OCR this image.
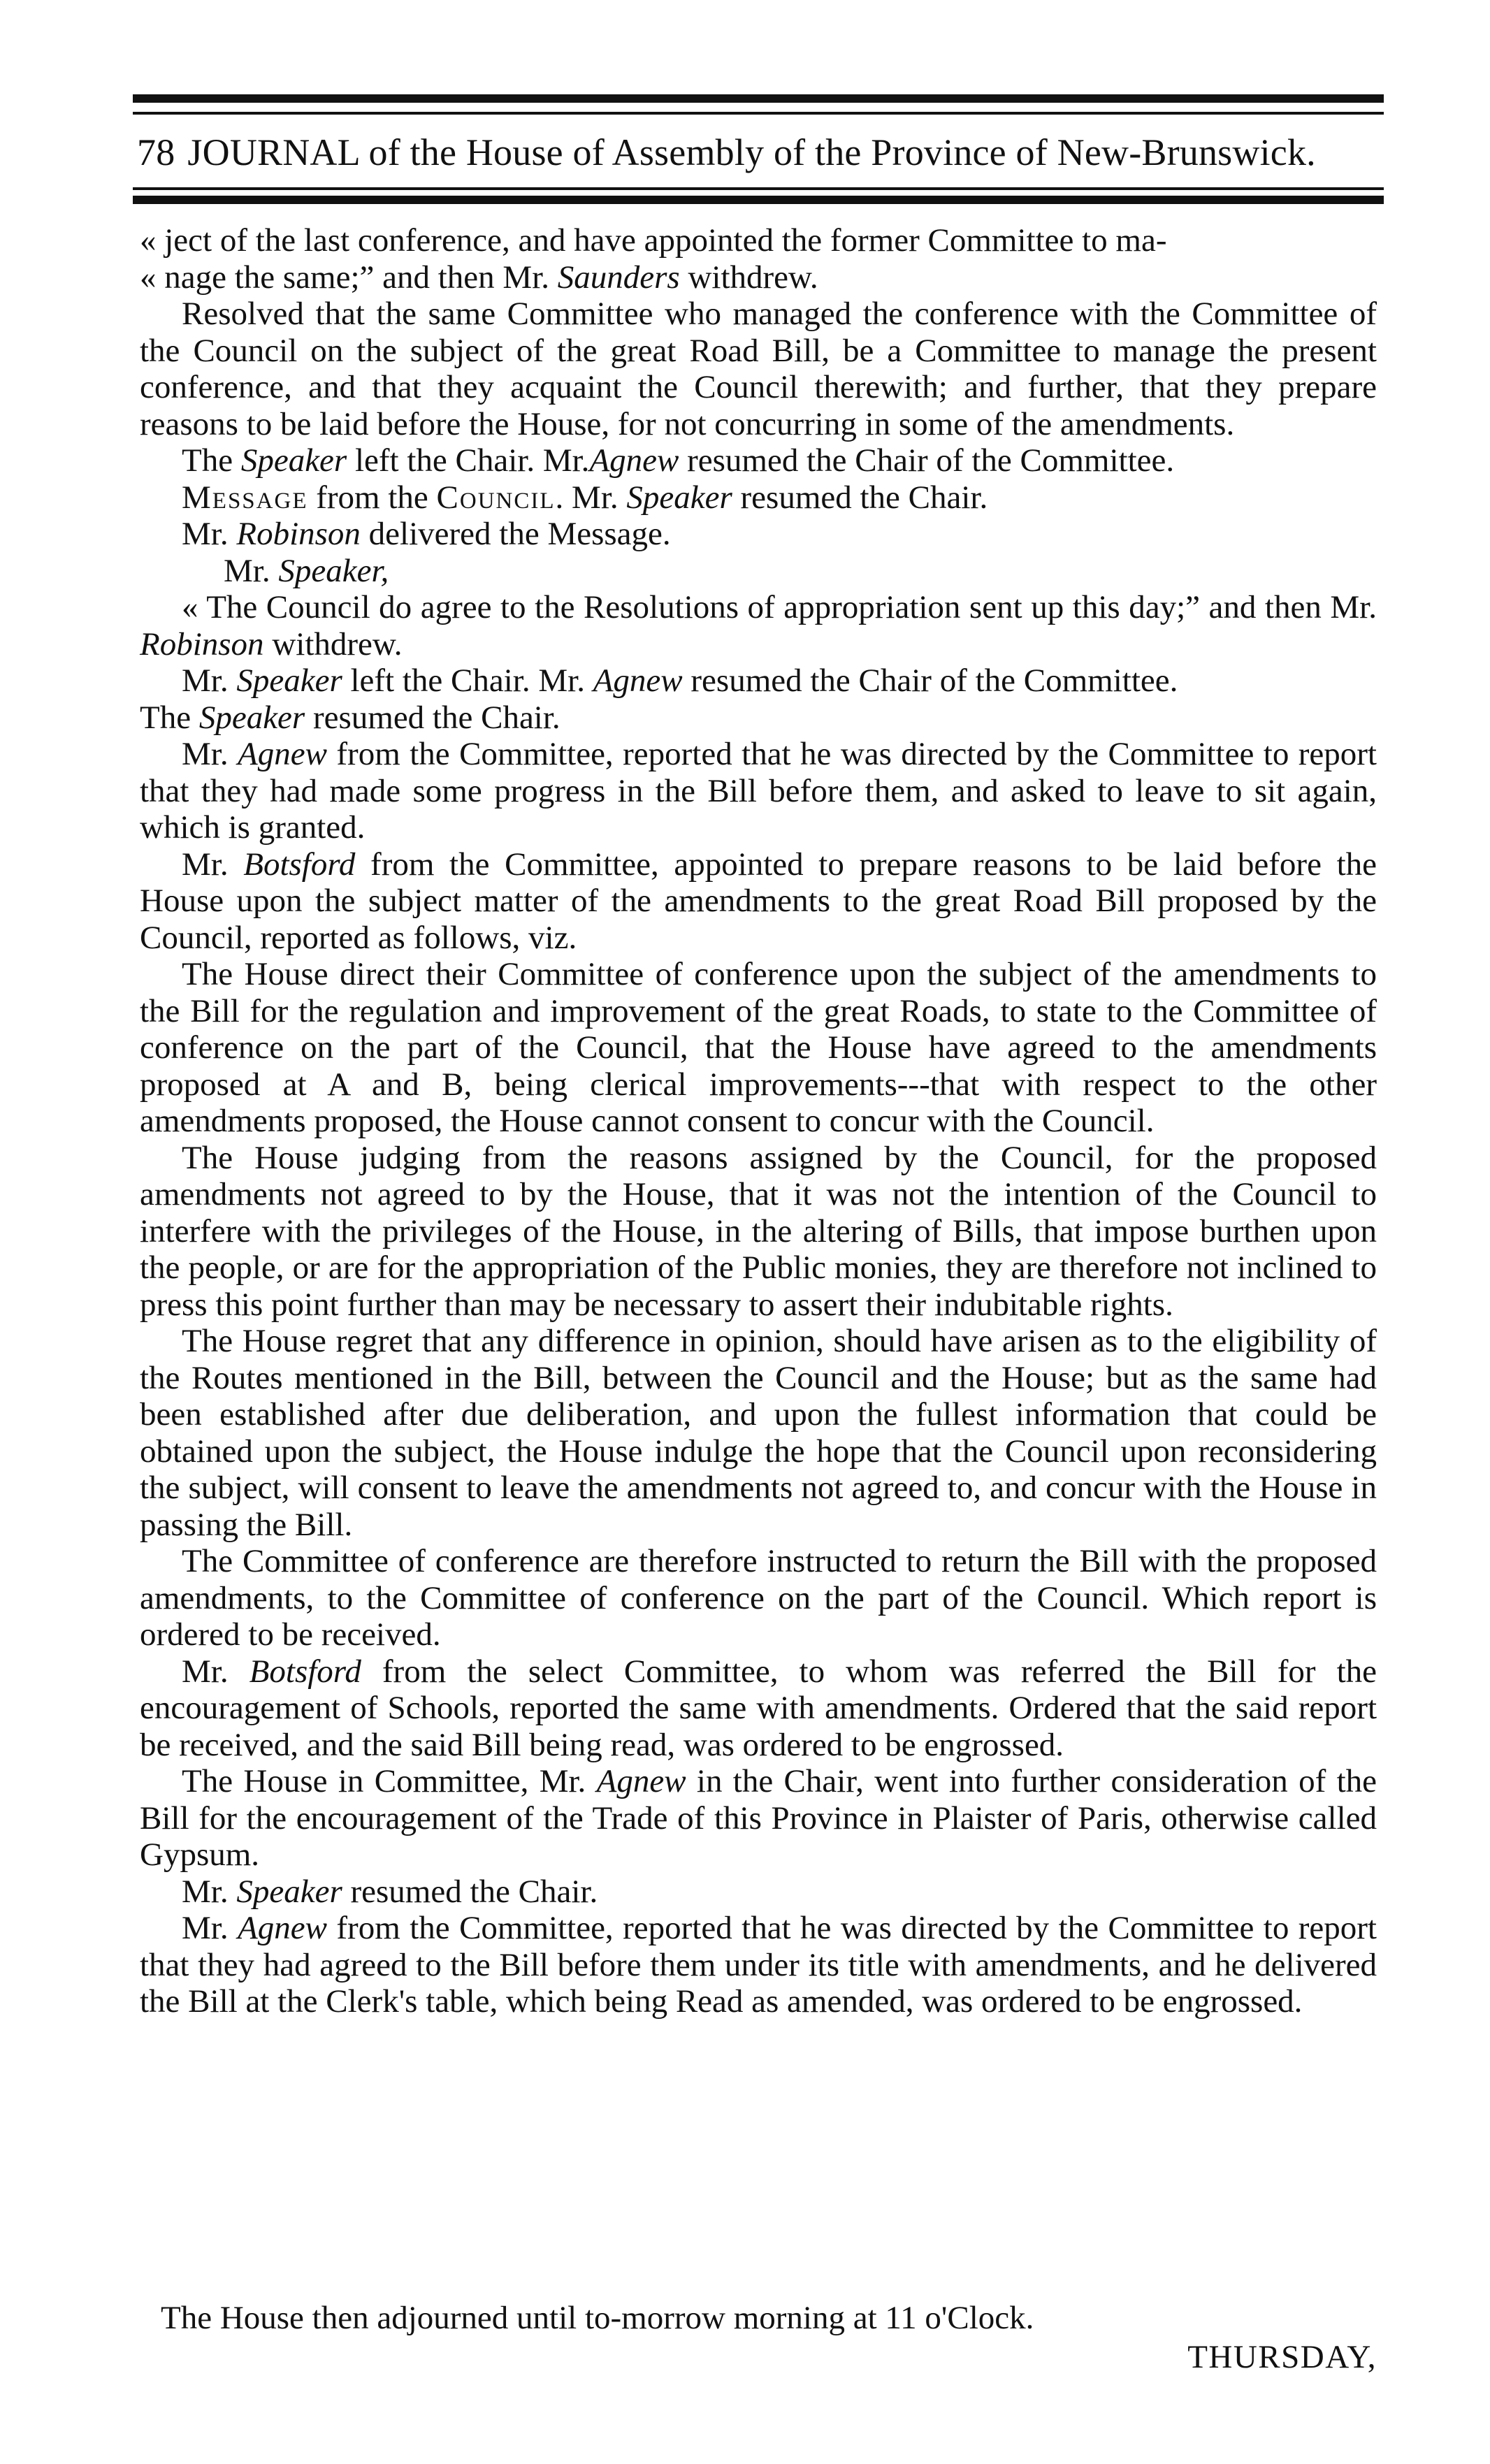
78 JOURNAL of the House of Assembly of the Province of New-Brunswick.

« ject of the last conference, and have appointed the former Committee to ma-

« nage the same;” and then Mr. Saunders withdrew.

Resolved that the same Committee who managed the conference with the Committee of the Council on the subject of the great Road Bill, be a Committee to manage the present conference, and that they acquaint the Council therewith; and further, that they prepare reasons to be laid before the House, for not concurring in some of the amendments.

The Speaker left the Chair. Mr.Agnew resumed the Chair of the Committee.

Message from the Council. Mr. Speaker resumed the Chair.

Mr. Robinson delivered the Message.

Mr. Speaker,

« The Council do agree to the Resolutions of appropriation sent up this day;” and then Mr. Robinson withdrew.

Mr. Speaker left the Chair. Mr. Agnew resumed the Chair of the Committee.

The Speaker resumed the Chair.

Mr. Agnew from the Committee, reported that he was directed by the Committee to report that they had made some progress in the Bill before them, and asked to leave to sit again, which is granted.

Mr. Botsford from the Committee, appointed to prepare reasons to be laid before the House upon the subject matter of the amendments to the great Road Bill proposed by the Council, reported as follows, viz.

The House direct their Committee of conference upon the subject of the amendments to the Bill for the regulation and improvement of the great Roads, to state to the Committee of conference on the part of the Council, that the House have agreed to the amendments proposed at A and B, being clerical improvements---that with respect to the other amendments proposed, the House cannot consent to concur with the Council.

The House judging from the reasons assigned by the Council, for the proposed amendments not agreed to by the House, that it was not the intention of the Council to interfere with the privileges of the House, in the altering of Bills, that impose burthen upon the people, or are for the appropriation of the Public monies, they are therefore not inclined to press this point further than may be necessary to assert their indubitable rights.

The House regret that any difference in opinion, should have arisen as to the eligibility of the Routes mentioned in the Bill, between the Council and the House; but as the same had been established after due deliberation, and upon the fullest information that could be obtained upon the subject, the House indulge the hope that the Council upon reconsidering the subject, will consent to leave the amendments not agreed to, and concur with the House in passing the Bill.

The Committee of conference are therefore instructed to return the Bill with the proposed amendments, to the Committee of conference on the part of the Council. Which report is ordered to be received.

Mr. Botsford from the select Committee, to whom was referred the Bill for the encouragement of Schools, reported the same with amendments. Ordered that the said report be received, and the said Bill being read, was ordered to be engrossed.

The House in Committee, Mr. Agnew in the Chair, went into further consideration of the Bill for the encouragement of the Trade of this Province in Plaister of Paris, otherwise called Gypsum.

Mr. Speaker resumed the Chair.

Mr. Agnew from the Committee, reported that he was directed by the Committee to report that they had agreed to the Bill before them under its title with amendments, and he delivered the Bill at the Clerk's table, which being Read as amended, was ordered to be engrossed.

The House then adjourned until to-morrow morning at 11 o'Clock.
THURSDAY,
